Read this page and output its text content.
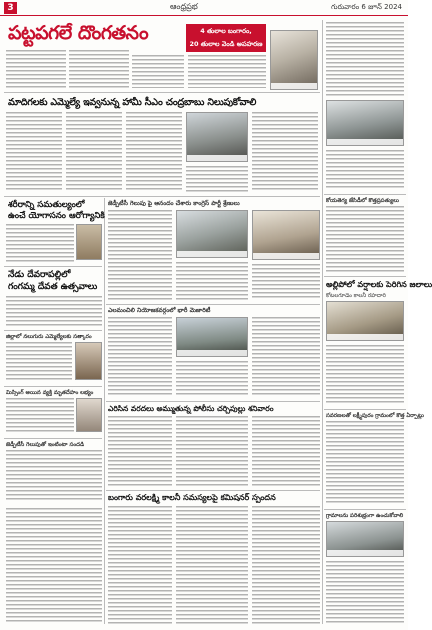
3	ఆంధ్రప్రభ	గురువారం 6 జూన్ 2024
పట్టపగలే దొంగతనం	4 తులాల బంగారం,
20 తులాల వెండి అపహరణ
మాదిగలకు ఎమ్మెల్యే ఇవ్వనున్న హామీ సీఎం చంద్రబాబు నిలుపుకోవాలి
శరీరాన్ని సమతుల్యంలో
ఉంచే యోగాసనం ఆరోగ్యానికి
నేడు దేవరాపల్లిలో
గంగమ్మ దేవత ఉత్సవాలు
జిల్లాలో నలుగురు ఎమ్మెల్యేలకు సత్కారం
మిస్సింగ్ అయిన వ్యక్తి మృతదేహం లభ్యం
జెడ్పీటీసీ గెలుపుతో ఇంటింటా సందడి
జెడ్పీటీసీ గెలుపు పై ఆనందం చేశారు కాంగ్రెస్ పార్టీ శ్రేణులు
ఎలమంచిలి నియోజకవర్గంలో భారీ మెజారిటీ
ఎరిసిన వరదలు అమ్ముతున్న పోలీసు చర్చిపుల్లు శనివారం
బంగారు వరలక్ష్మి కాలనీ సమస్యలపై కమిషనర్ స్పందన
కోయతెగ్య జేసిడీలో కొత్తప్రపత్యులు
అల్లిపోలో వర్షాలకు పెరిగిన జలాలు
కోటలగూడెం కాలనీ రహదారి
సవరణలతో లక్ష్మీపురం గ్రామంలో కొత్త ఏర్పాట్లు
గ్రామాలను పరిశుభ్రంగా ఉంచుకోవాలి
